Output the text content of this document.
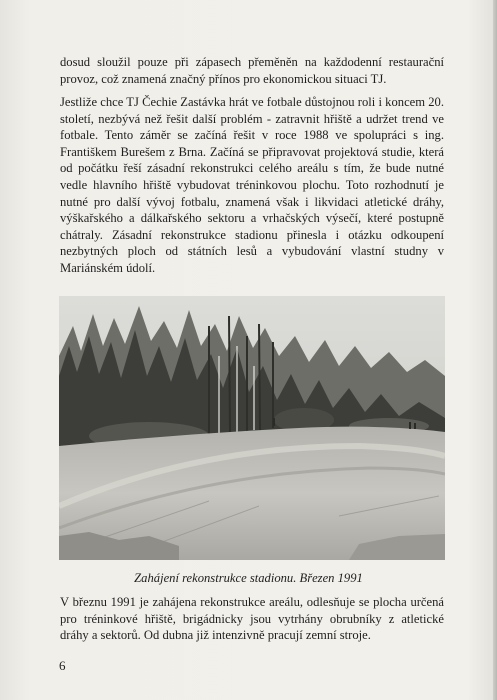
dosud sloužil pouze při zápasech přeměněn na každodenní restaurační provoz, což znamená značný přínos pro ekonomickou situaci TJ.

Jestliže chce TJ Čechie Zastávka hrát ve fotbale důstojnou roli i koncem 20. století, nezbývá než řešit další problém - zatravnit hřiště a udržet trend ve fotbale. Tento záměr se začíná řešit v roce 1988 ve spolupráci s ing. Františkem Burešem z Brna. Začíná se připravovat projektová studie, která od počátku řeší zásadní rekonstrukci celého areálu s tím, že bude nutné vedle hlavního hřiště vybudovat tréninkovou plochu. Toto rozhodnutí je nutné pro další vývoj fotbalu, znamená však i likvidaci atletické dráhy, výškařského a dálkařského sektoru a vrhačských výsečí, které postupně chátraly. Zásadní rekonstrukce stadionu přinesla i otázku odkoupení nezbytných ploch od státních lesů a vybudování vlastní studny v Mariánském údolí.

Zahájení rekonstrukce stadionu. Březen 1991

V březnu 1991 je zahájena rekonstrukce areálu, odlesňuje se plocha určená pro tréninkové hřiště, brigádnicky jsou vytrhány obrubníky z atletické dráhy a sektorů. Od dubna již intenzivně pracují zemní stroje.

6
